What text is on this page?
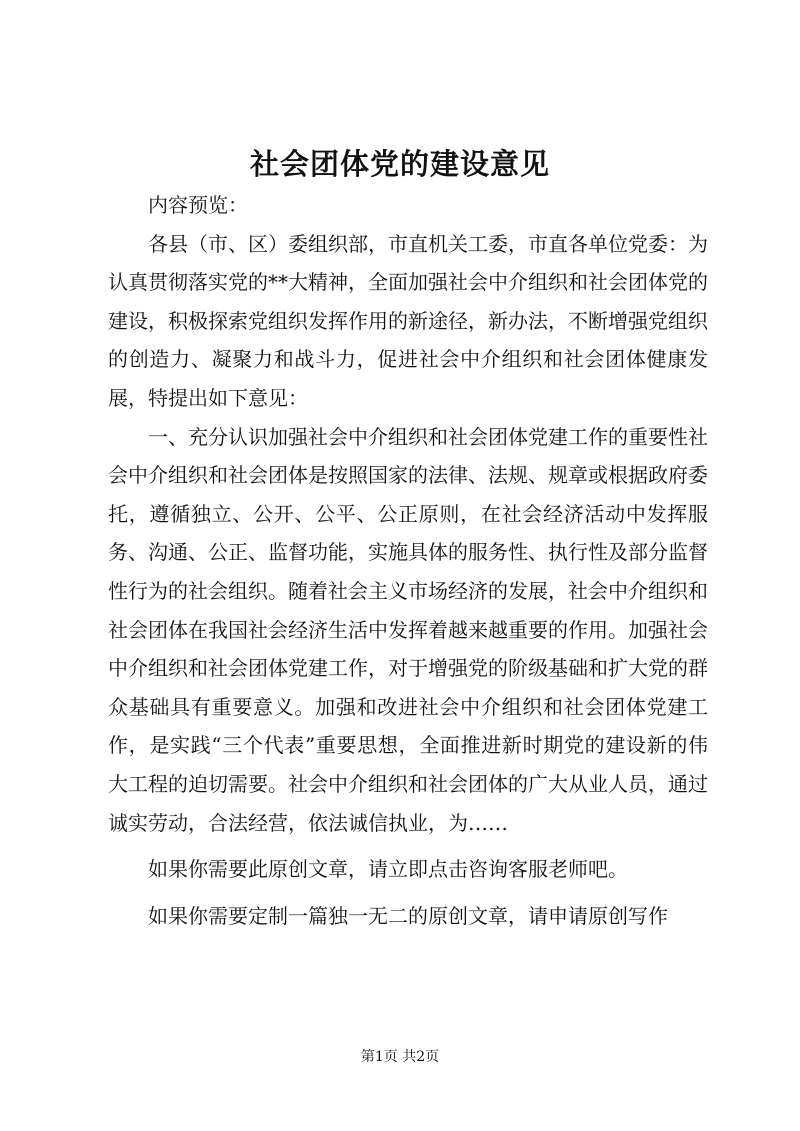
社会团体党的建设意见

内容预览：

各县（市、区）委组织部，市直机关工委，市直各单位党委：为认真贯彻落实党的**大精神，全面加强社会中介组织和社会团体党的建设，积极探索党组织发挥作用的新途径，新办法，不断增强党组织的创造力、凝聚力和战斗力，促进社会中介组织和社会团体健康发展，特提出如下意见：

一、充分认识加强社会中介组织和社会团体党建工作的重要性社会中介组织和社会团体是按照国家的法律、法规、规章或根据政府委托，遵循独立、公开、公平、公正原则，在社会经济活动中发挥服务、沟通、公正、监督功能，实施具体的服务性、执行性及部分监督性行为的社会组织。随着社会主义市场经济的发展，社会中介组织和社会团体在我国社会经济生活中发挥着越来越重要的作用。加强社会中介组织和社会团体党建工作，对于增强党的阶级基础和扩大党的群众基础具有重要意义。加强和改进社会中介组织和社会团体党建工作，是实践“三个代表”重要思想，全面推进新时期党的建设新的伟大工程的迫切需要。社会中介组织和社会团体的广大从业人员，通过诚实劳动，合法经营，依法诚信执业，为……

如果你需要此原创文章，请立即点击咨询客服老师吧。

如果你需要定制一篇独一无二的原创文章，请申请原创写作

第1页 共2页
